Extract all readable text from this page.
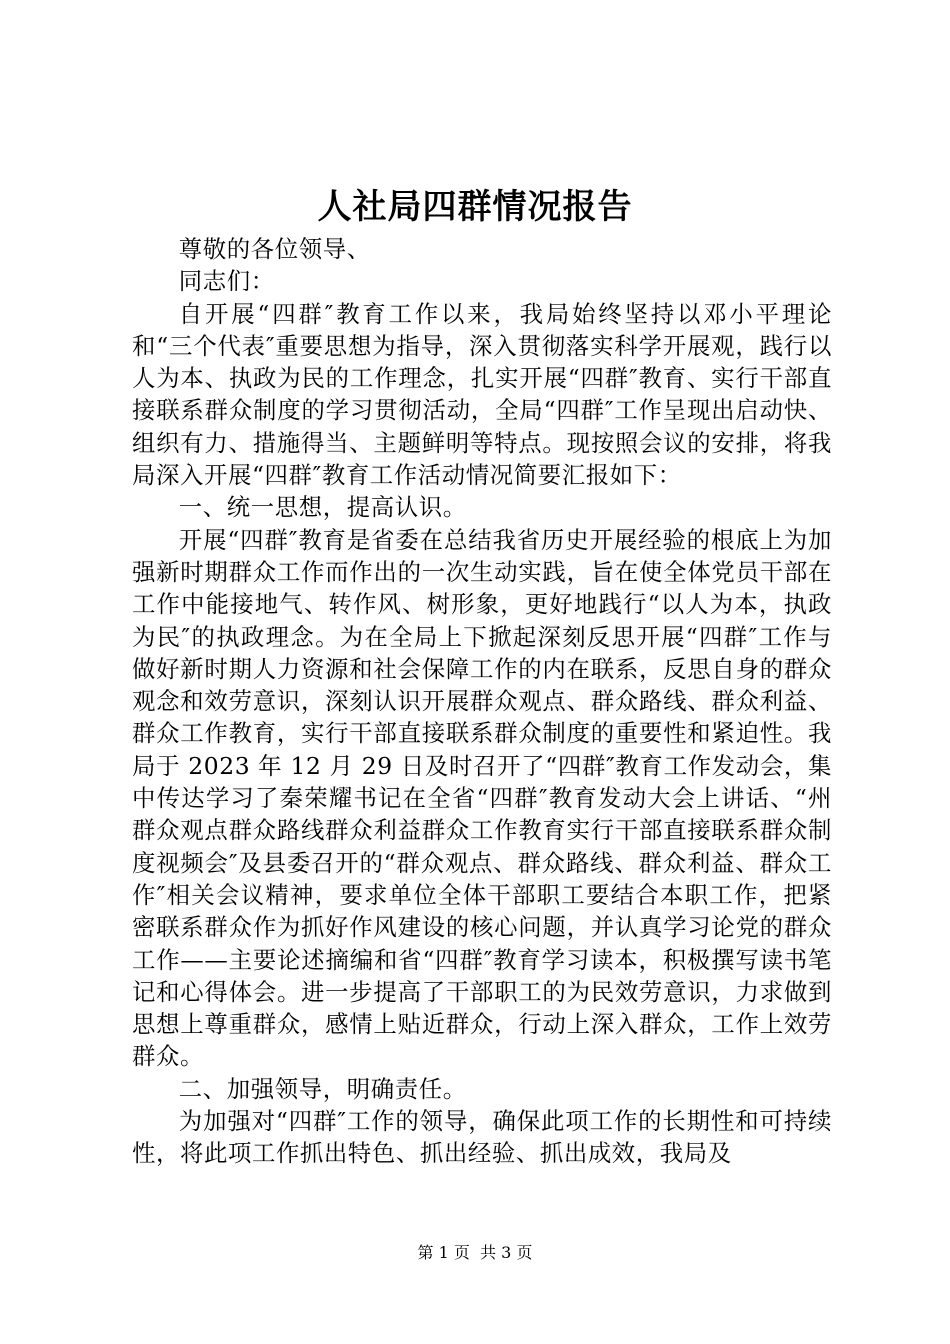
人社局四群情况报告

尊敬的各位领导、

同志们：

自开展“四群″教育工作以来，我局始终坚持以邓小平理论和“三个代表″重要思想为指导，深入贯彻落实科学开展观，践行以人为本、执政为民的工作理念，扎实开展“四群″教育、实行干部直接联系群众制度的学习贯彻活动，全局“四群″工作呈现出启动快、组织有力、措施得当、主题鲜明等特点。现按照会议的安排，将我局深入开展“四群″教育工作活动情况简要汇报如下：

一、统一思想，提高认识。

开展“四群″教育是省委在总结我省历史开展经验的根底上为加强新时期群众工作而作出的一次生动实践，旨在使全体党员干部在工作中能接地气、转作风、树形象，更好地践行“以人为本，执政为民″的执政理念。为在全局上下掀起深刻反思开展“四群″工作与做好新时期人力资源和社会保障工作的内在联系，反思自身的群众观念和效劳意识，深刻认识开展群众观点、群众路线、群众利益、群众工作教育，实行干部直接联系群众制度的重要性和紧迫性。我局于 2023 年 12 月 29 日及时召开了“四群″教育工作发动会，集中传达学习了秦荣耀书记在全省“四群″教育发动大会上讲话、“州群众观点群众路线群众利益群众工作教育实行干部直接联系群众制度视频会″及县委召开的“群众观点、群众路线、群众利益、群众工作″相关会议精神，要求单位全体干部职工要结合本职工作，把紧密联系群众作为抓好作风建设的核心问题，并认真学习论党的群众工作——主要论述摘编和省“四群″教育学习读本，积极撰写读书笔记和心得体会。进一步提高了干部职工的为民效劳意识，力求做到思想上尊重群众，感情上贴近群众，行动上深入群众，工作上效劳群众。

二、加强领导，明确责任。

为加强对“四群″工作的领导，确保此项工作的长期性和可持续性，将此项工作抓出特色、抓出经验、抓出成效，我局及

第 1 页  共 3 页
